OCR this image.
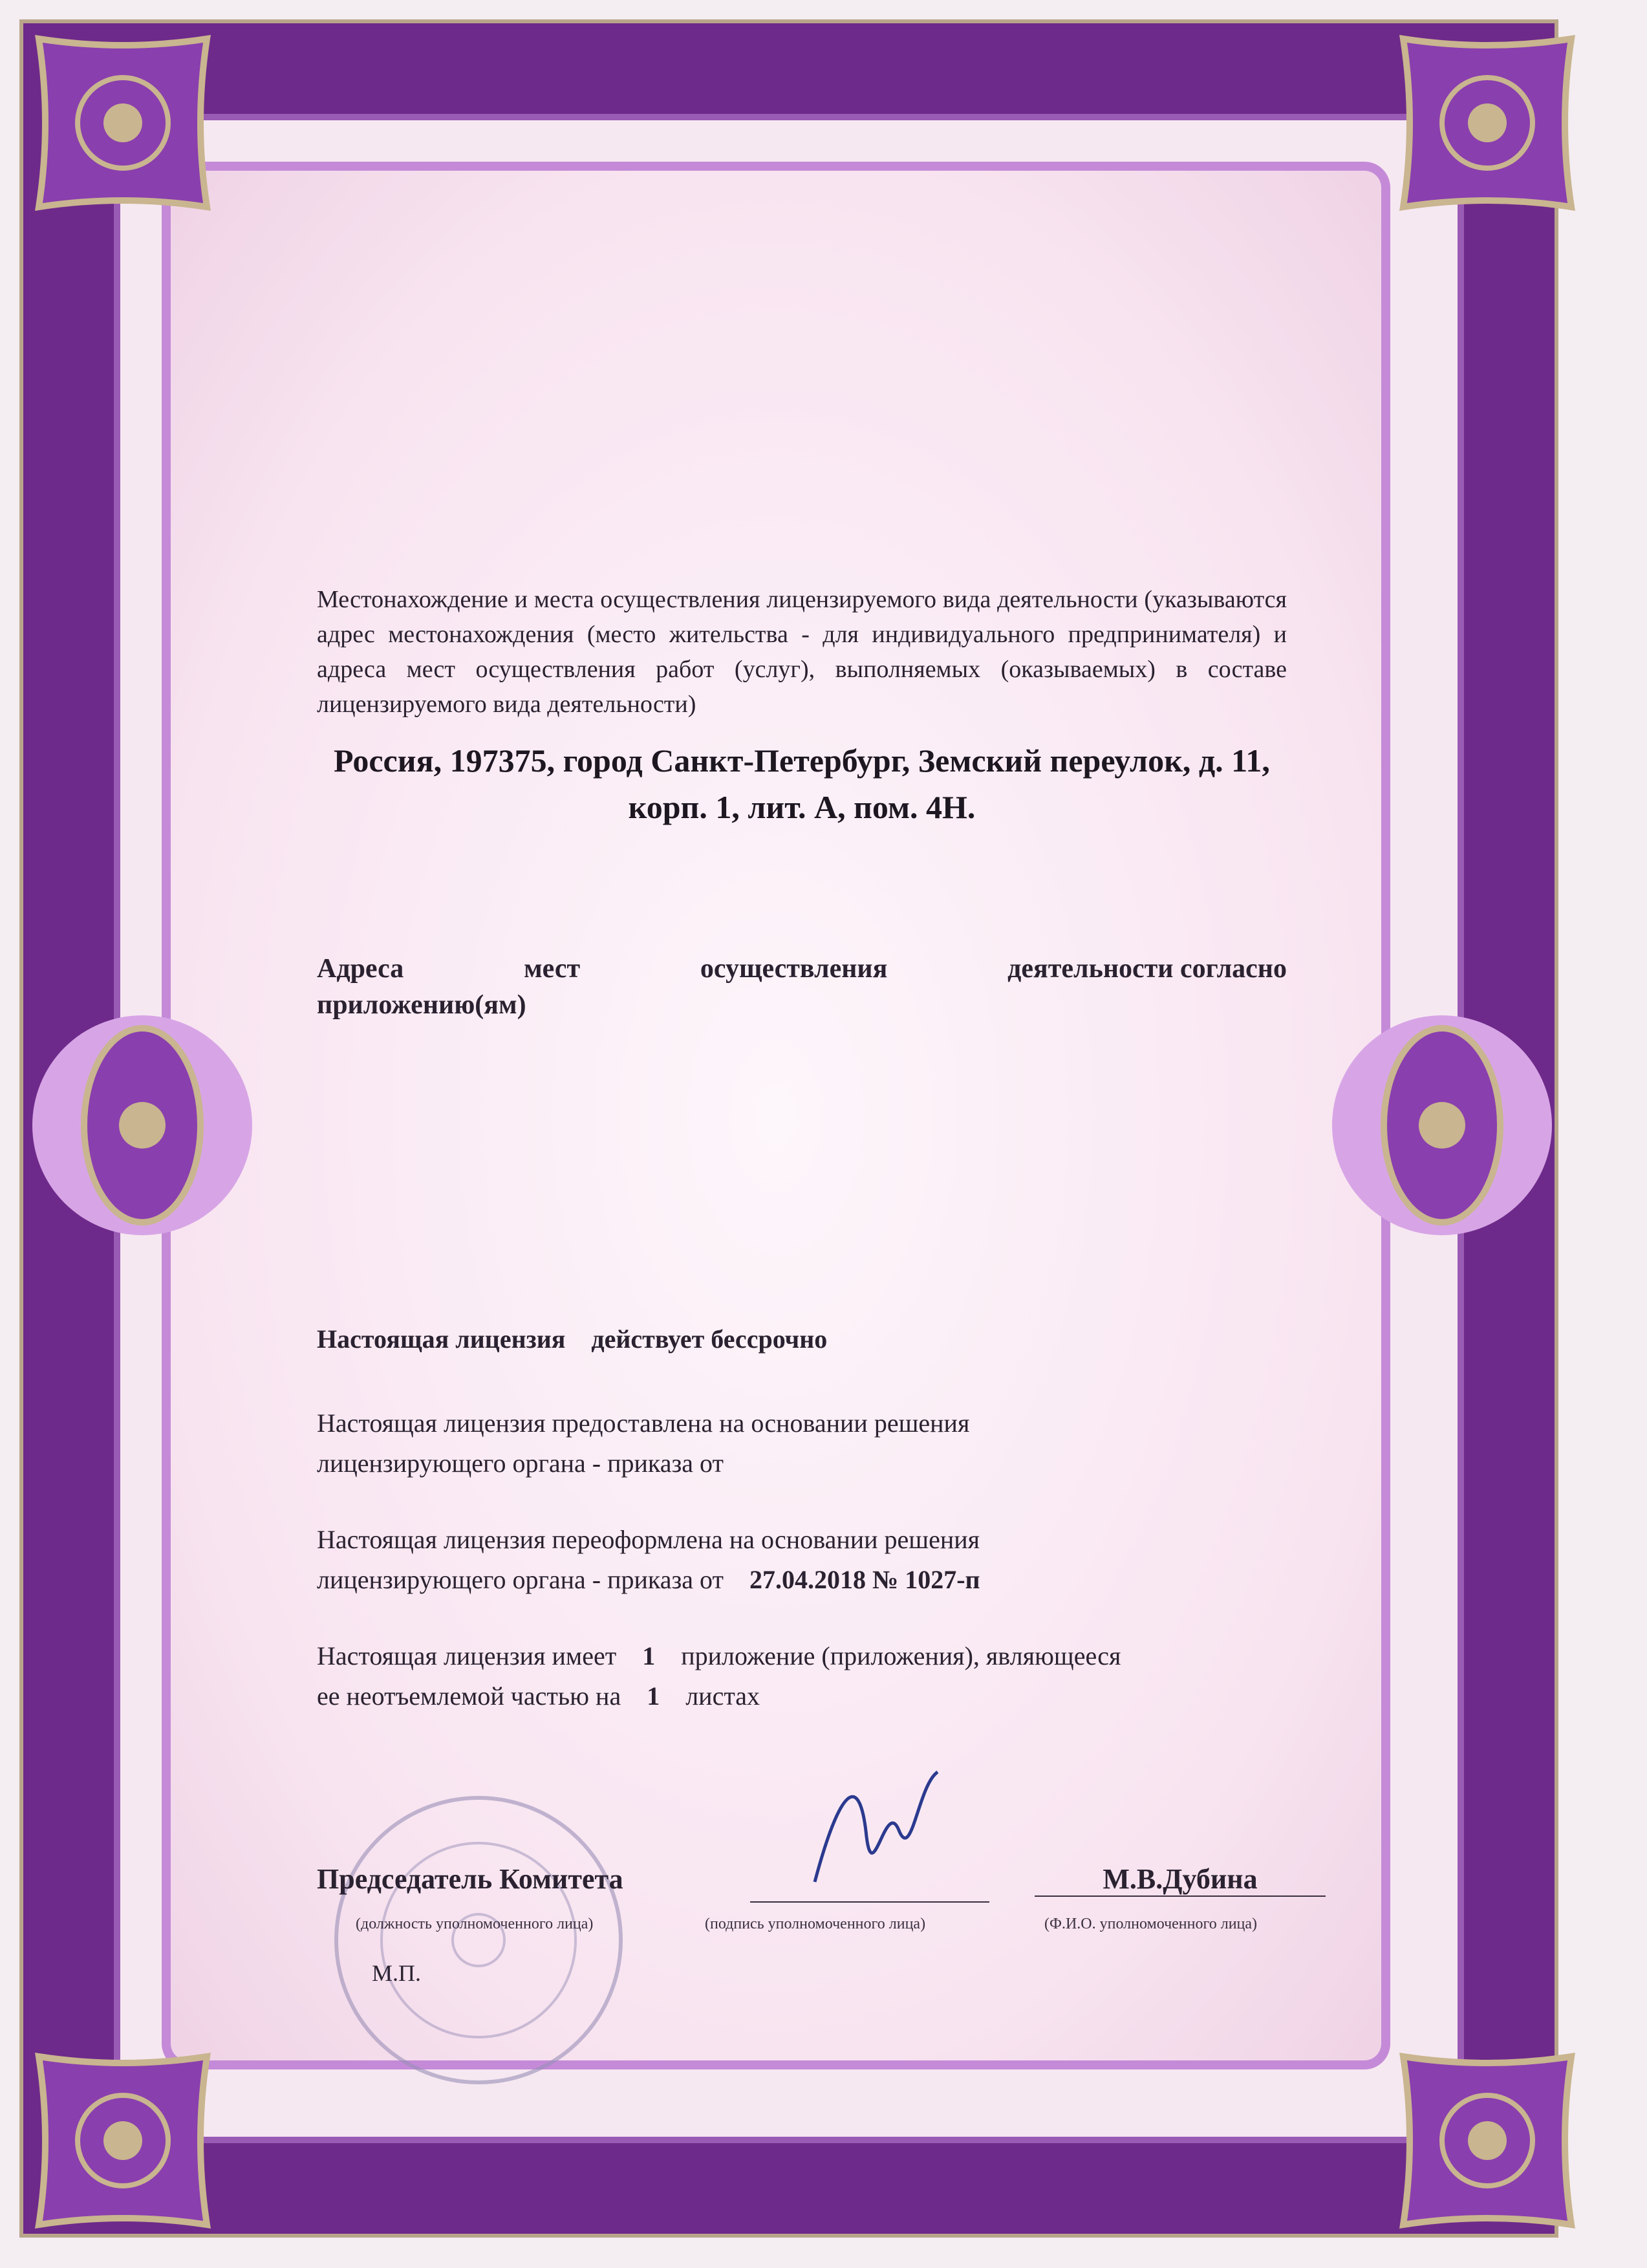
Местонахождение и места осуществления лицензируемого вида деятельности (указываются адрес местонахождения (место жительства - для индивидуального предпринимателя) и адреса мест осуществления работ (услуг), выполняемых (оказываемых) в составе лицензируемого вида деятельности)
Россия, 197375, город Санкт-Петербург, Земский переулок, д. 11,
корп. 1, лит. А, пом. 4Н.
Адреса	мест	осуществления	деятельности согласно
приложению(ям)
Настоящая лицензия действует бессрочно
Настоящая лицензия предоставлена на основании решения
лицензирующего органа - приказа от
Настоящая лицензия переоформлена на основании решения
лицензирующего органа - приказа от 27.04.2018 № 1027-п
Настоящая лицензия имеет 1 приложение (приложения), являющееся
ее неотъемлемой частью на 1 листах
Председатель Комитета
(должность уполномоченного лица)	(подпись уполномоченного лица)
М.В.Дубина
(Ф.И.О. уполномоченного лица)
М.П.
